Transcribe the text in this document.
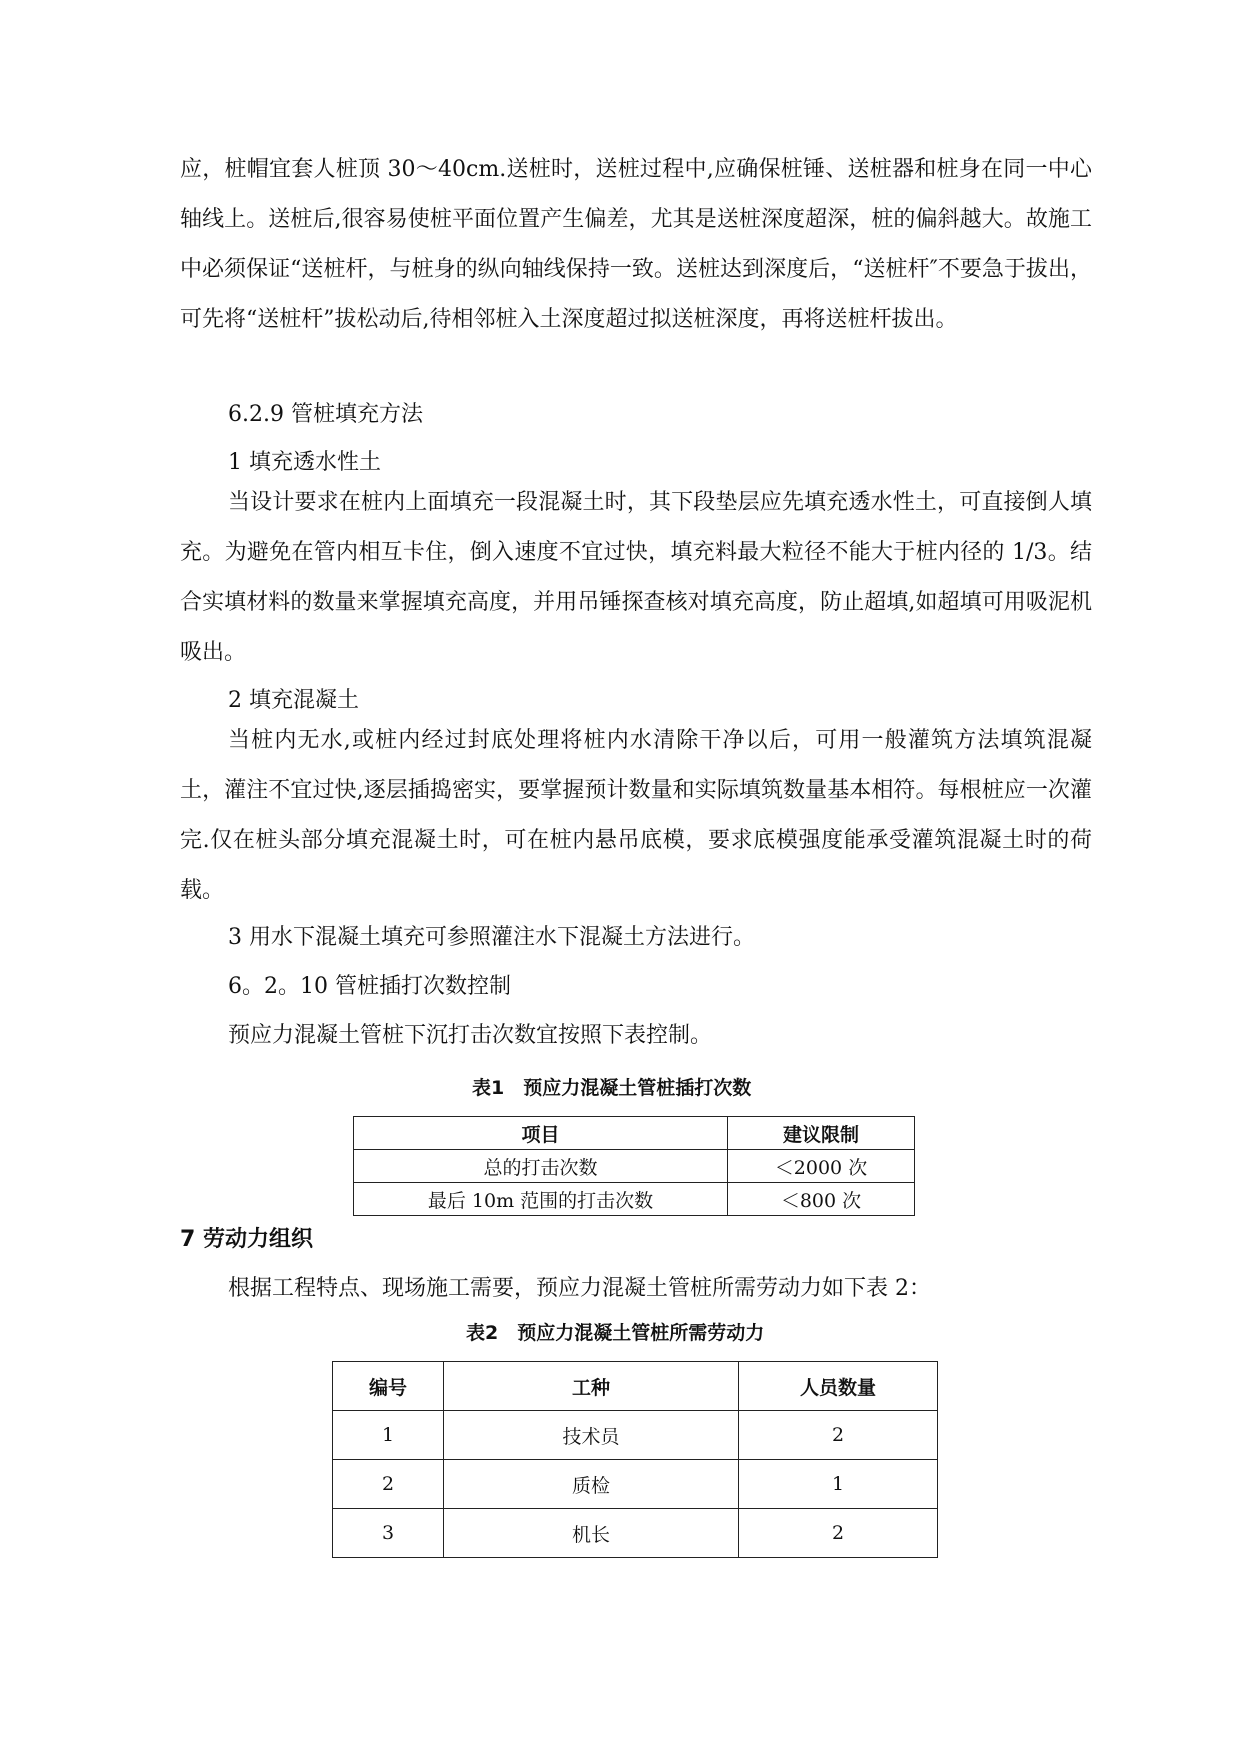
应，桩帽宜套人桩顶 30～40cm.送桩时，送桩过程中,应确保桩锤、送桩器和桩身在同一中心轴线上。送桩后,很容易使桩平面位置产生偏差，尤其是送桩深度超深，桩的偏斜越大。故施工中必须保证“送桩杆，与桩身的纵向轴线保持一致。送桩达到深度后，“送桩杆″不要急于拔出，可先将“送桩杆”拔松动后,待相邻桩入土深度超过拟送桩深度，再将送桩杆拔出。

6.2.9 管桩填充方法

1 填充透水性土

当设计要求在桩内上面填充一段混凝土时，其下段垫层应先填充透水性土，可直接倒人填充。为避免在管内相互卡住，倒入速度不宜过快，填充料最大粒径不能大于桩内径的 1/3。结合实填材料的数量来掌握填充高度，并用吊锤探查核对填充高度，防止超填,如超填可用吸泥机吸出。

2 填充混凝土

当桩内无水,或桩内经过封底处理将桩内水清除干净以后，可用一般灌筑方法填筑混凝土，灌注不宜过快,逐层插捣密实，要掌握预计数量和实际填筑数量基本相符。每根桩应一次灌完.仅在桩头部分填充混凝土时，可在桩内悬吊底模，要求底模强度能承受灌筑混凝土时的荷载。

3 用水下混凝土填充可参照灌注水下混凝土方法进行。

6。2。10 管桩插打次数控制

预应力混凝土管桩下沉打击次数宜按照下表控制。

表1　预应力混凝土管桩插打次数

项目	建议限制
总的打击次数	＜2000 次
最后 10m 范围的打击次数	＜800 次

7 劳动力组织

根据工程特点、现场施工需要，预应力混凝土管桩所需劳动力如下表 2：

表2　预应力混凝土管桩所需劳动力

编号	工种	人员数量
1	技术员	2
2	质检	1
3	机长	2
